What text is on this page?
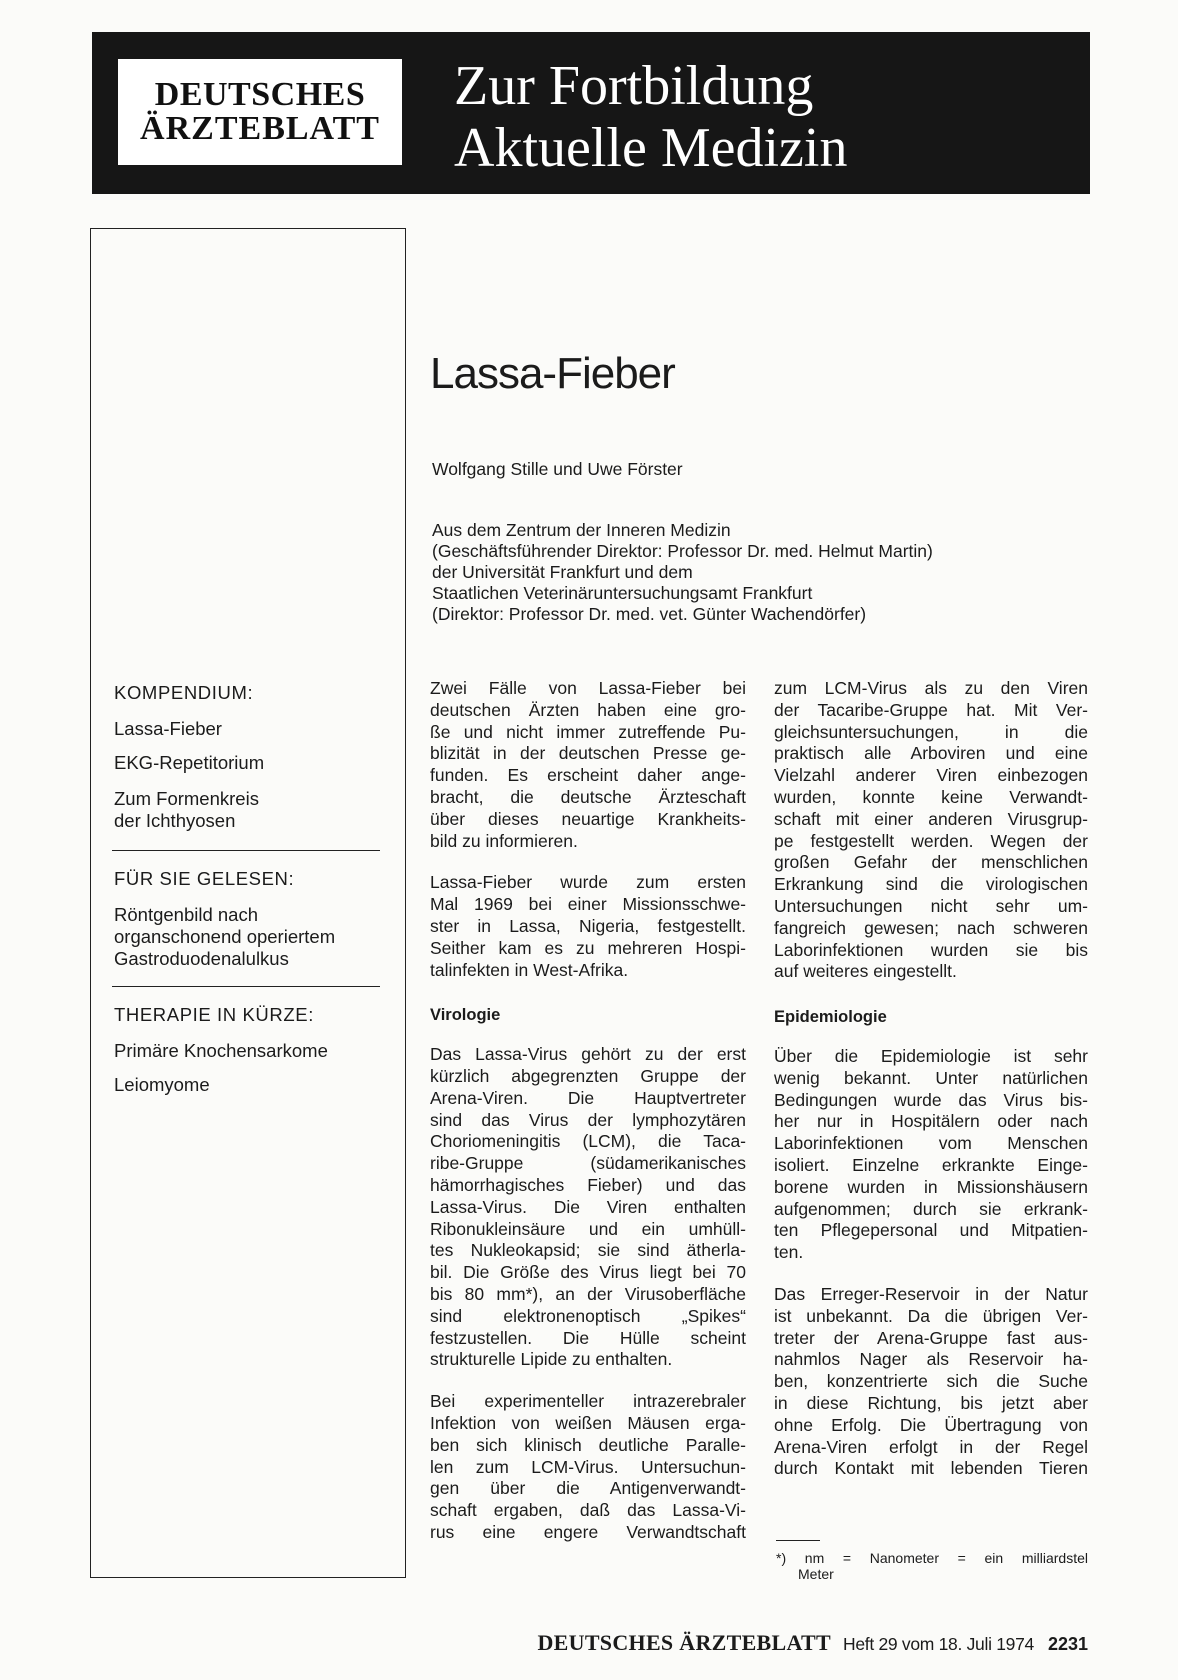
DEUTSCHES
ÄRZTEBLATT
Zur Fortbildung
Aktuelle Medizin
KOMPENDIUM:
Lassa-Fieber
EKG-Repetitorium
Zum Formenkreis
der Ichthyosen
FÜR SIE GELESEN:
Röntgenbild nach
organschonend operiertem
Gastroduodenalulkus
THERAPIE IN KÜRZE:
Primäre Knochensarkome
Leiomyome
Lassa-Fieber
Wolfgang Stille und Uwe Förster
Aus dem Zentrum der Inneren Medizin
(Geschäftsführender Direktor: Professor Dr. med. Helmut Martin)
der Universität Frankfurt und dem
Staatlichen Veterinäruntersuchungsamt Frankfurt
(Direktor: Professor Dr. med. vet. Günter Wachendörfer)
Zwei Fälle von Lassa-Fieber bei
deutschen Ärzten haben eine gro-
ße und nicht immer zutreffende Pu-
blizität in der deutschen Presse ge-
funden. Es erscheint daher ange-
bracht, die deutsche Ärzteschaft
über dieses neuartige Krankheits-
bild zu informieren.
Lassa-Fieber wurde zum ersten
Mal 1969 bei einer Missionsschwe-
ster in Lassa, Nigeria, festgestellt.
Seither kam es zu mehreren Hospi-
talinfekten in West-Afrika.
Virologie
Das Lassa-Virus gehört zu der erst
kürzlich abgegrenzten Gruppe der
Arena-Viren. Die Hauptvertreter
sind das Virus der lymphozytären
Choriomeningitis (LCM), die Taca-
ribe-Gruppe (südamerikanisches
hämorrhagisches Fieber) und das
Lassa-Virus. Die Viren enthalten
Ribonukleinsäure und ein umhüll-
tes Nukleokapsid; sie sind ätherla-
bil. Die Größe des Virus liegt bei 70
bis 80 mm*), an der Virusoberfläche
sind elektronenoptisch „Spikes“
festzustellen. Die Hülle scheint
strukturelle Lipide zu enthalten.
Bei experimenteller intrazerebraler
Infektion von weißen Mäusen erga-
ben sich klinisch deutliche Paralle-
len zum LCM-Virus. Untersuchun-
gen über die Antigenverwandt-
schaft ergaben, daß das Lassa-Vi-
rus eine engere Verwandtschaft
zum LCM-Virus als zu den Viren
der Tacaribe-Gruppe hat. Mit Ver-
gleichsuntersuchungen, in die
praktisch alle Arboviren und eine
Vielzahl anderer Viren einbezogen
wurden, konnte keine Verwandt-
schaft mit einer anderen Virusgrup-
pe festgestellt werden. Wegen der
großen Gefahr der menschlichen
Erkrankung sind die virologischen
Untersuchungen nicht sehr um-
fangreich gewesen; nach schweren
Laborinfektionen wurden sie bis
auf weiteres eingestellt.
Epidemiologie
Über die Epidemiologie ist sehr
wenig bekannt. Unter natürlichen
Bedingungen wurde das Virus bis-
her nur in Hospitälern oder nach
Laborinfektionen vom Menschen
isoliert. Einzelne erkrankte Einge-
borene wurden in Missionshäusern
aufgenommen; durch sie erkrank-
ten Pflegepersonal und Mitpatien-
ten.
Das Erreger-Reservoir in der Natur
ist unbekannt. Da die übrigen Ver-
treter der Arena-Gruppe fast aus-
nahmlos Nager als Reservoir ha-
ben, konzentrierte sich die Suche
in diese Richtung, bis jetzt aber
ohne Erfolg. Die Übertragung von
Arena-Viren erfolgt in der Regel
durch Kontakt mit lebenden Tieren
*) nm = Nanometer = ein milliardstel
Meter
DEUTSCHES ÄRZTEBLATT Heft 29 vom 18. Juli 1974 2231
